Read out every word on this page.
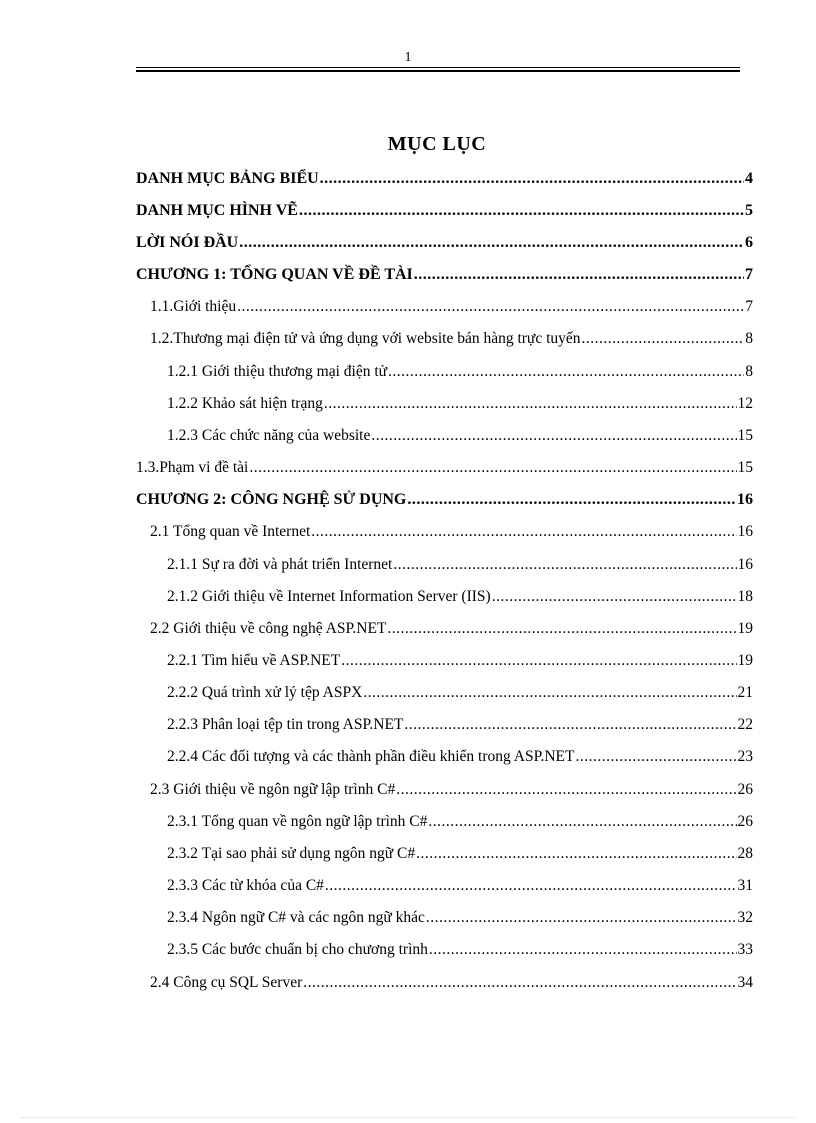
1
MỤC LỤC
DANH MỤC BẢNG BIỂU .....	4
DANH MỤC HÌNH VẼ .....	5
LỜI NÓI ĐẦU .....	6
CHƯƠNG 1: TỔNG QUAN VỀ ĐỀ TÀI .....	7
1.1.Giới thiệu .....	7
1.2.Thương mại điện tử và ứng dụng với website bán hàng trực tuyến .....	8
1.2.1 Giới thiệu thương mại điện tử .....	8
1.2.2 Khảo sát hiện trạng .....	12
1.2.3 Các chức năng của website .....	15
1.3.Phạm vi đề tài .....	15
CHƯƠNG 2: CÔNG NGHỆ SỬ DỤNG .....	16
2.1 Tổng quan về Internet .....	16
2.1.1 Sự ra đời và phát triển Internet .....	16
2.1.2 Giới thiệu về Internet Information Server (IIS) .....	18
2.2 Giới thiệu về công nghệ ASP.NET .....	19
2.2.1 Tìm hiểu về ASP.NET .....	19
2.2.2 Quá trình xử lý tệp ASPX .....	21
2.2.3 Phân loại tệp tin trong ASP.NET .....	22
2.2.4 Các đối tượng và các thành phần điều khiển trong ASP.NET .....	23
2.3 Giới thiệu về ngôn ngữ lập trình C# .....	26
2.3.1 Tổng quan về ngôn ngữ lập trình C# .....	26
2.3.2 Tại sao phải sử dụng ngôn ngữ C# .....	28
2.3.3 Các từ khóa của C# .....	31
2.3.4 Ngôn ngữ C# và các ngôn ngữ khác .....	32
2.3.5 Các bước chuẩn bị cho chương trình .....	33
2.4 Công cụ SQL Server .....	34
